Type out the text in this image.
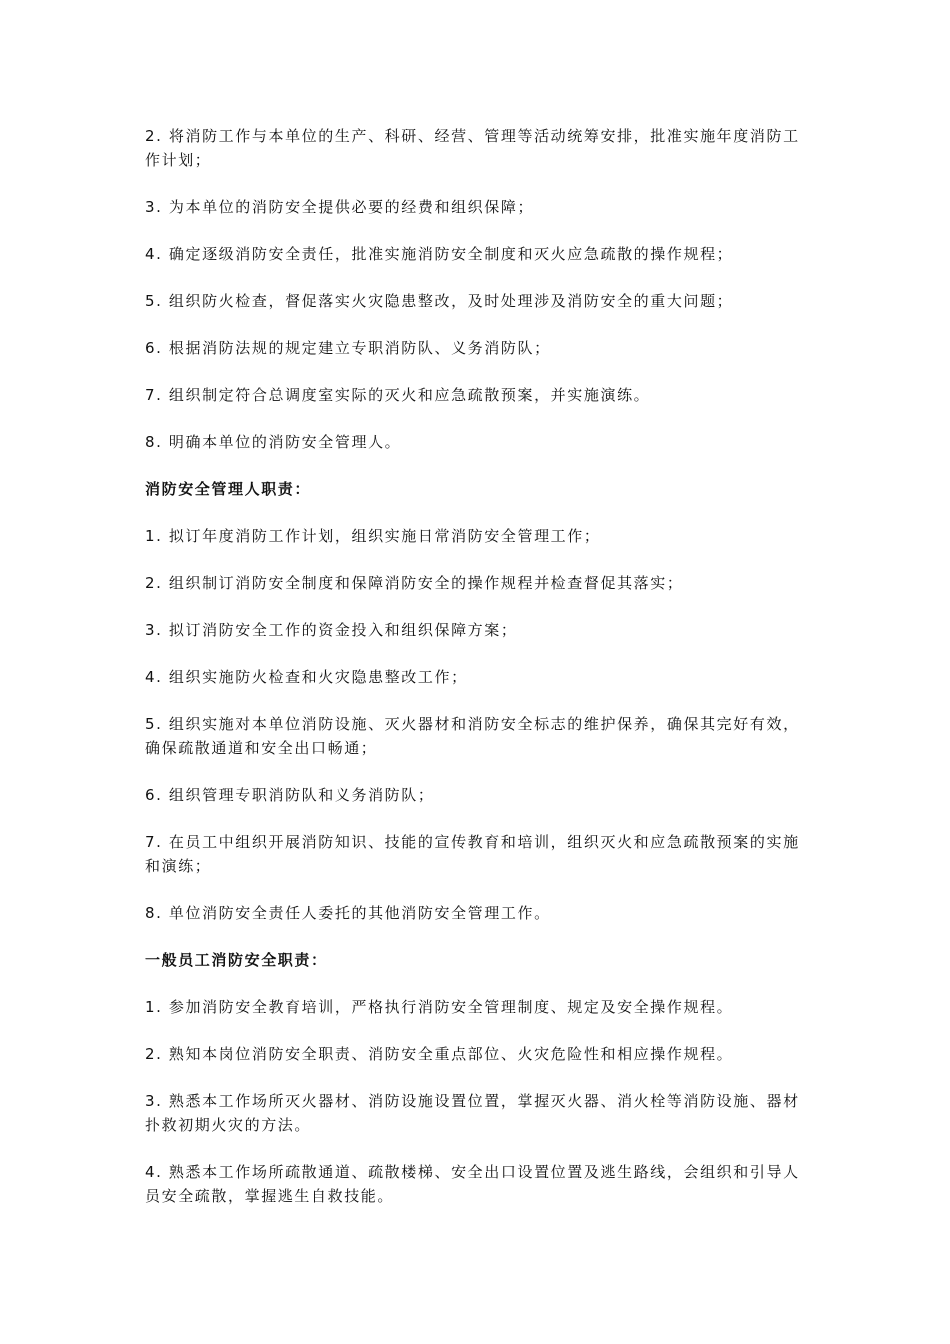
2. 将消防工作与本单位的生产、科研、经营、管理等活动统筹安排，批准实施年度消防工作计划；

3. 为本单位的消防安全提供必要的经费和组织保障；

4. 确定逐级消防安全责任，批准实施消防安全制度和灭火应急疏散的操作规程；

5. 组织防火检查，督促落实火灾隐患整改，及时处理涉及消防安全的重大问题；

6. 根据消防法规的规定建立专职消防队、义务消防队；

7. 组织制定符合总调度室实际的灭火和应急疏散预案，并实施演练。

8. 明确本单位的消防安全管理人。

消防安全管理人职责：

1. 拟订年度消防工作计划，组织实施日常消防安全管理工作；

2. 组织制订消防安全制度和保障消防安全的操作规程并检查督促其落实；

3. 拟订消防安全工作的资金投入和组织保障方案；

4. 组织实施防火检查和火灾隐患整改工作；

5. 组织实施对本单位消防设施、灭火器材和消防安全标志的维护保养，确保其完好有效，确保疏散通道和安全出口畅通；

6. 组织管理专职消防队和义务消防队；

7. 在员工中组织开展消防知识、技能的宣传教育和培训，组织灭火和应急疏散预案的实施和演练；

8. 单位消防安全责任人委托的其他消防安全管理工作。

一般员工消防安全职责：

1. 参加消防安全教育培训，严格执行消防安全管理制度、规定及安全操作规程。

2. 熟知本岗位消防安全职责、消防安全重点部位、火灾危险性和相应操作规程。

3. 熟悉本工作场所灭火器材、消防设施设置位置，掌握灭火器、消火栓等消防设施、器材扑救初期火灾的方法。

4. 熟悉本工作场所疏散通道、疏散楼梯、安全出口设置位置及逃生路线，会组织和引导人员安全疏散，掌握逃生自救技能。
